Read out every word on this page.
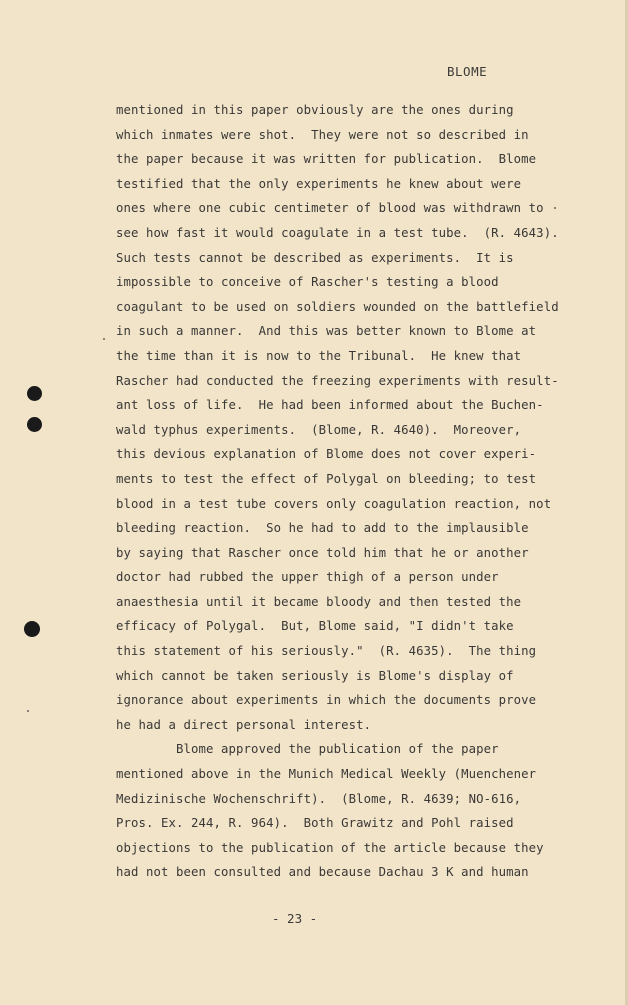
BLOME
mentioned in this paper obviously are the ones during
which inmates were shot.  They were not so described in
the paper because it was written for publication.  Blome
testified that the only experiments he knew about were
ones where one cubic centimeter of blood was withdrawn to
see how fast it would coagulate in a test tube.  (R. 4643).
Such tests cannot be described as experiments.  It is
impossible to conceive of Rascher's testing a blood
coagulant to be used on soldiers wounded on the battlefield
in such a manner.  And this was better known to Blome at
the time than it is now to the Tribunal.  He knew that
Rascher had conducted the freezing experiments with result-
ant loss of life.  He had been informed about the Buchen-
wald typhus experiments.  (Blome, R. 4640).  Moreover,
this devious explanation of Blome does not cover experi-
ments to test the effect of Polygal on bleeding; to test
blood in a test tube covers only coagulation reaction, not
bleeding reaction.  So he had to add to the implausible
by saying that Rascher once told him that he or another
doctor had rubbed the upper thigh of a person under
anaesthesia until it became bloody and then tested the
efficacy of Polygal.  But, Blome said, "I didn't take
this statement of his seriously."  (R. 4635).  The thing
which cannot be taken seriously is Blome's display of
ignorance about experiments in which the documents prove
he had a direct personal interest.
Blome approved the publication of the paper
mentioned above in the Munich Medical Weekly (Muenchener
Medizinische Wochenschrift).  (Blome, R. 4639; NO-616,
Pros. Ex. 244, R. 964).  Both Grawitz and Pohl raised
objections to the publication of the article because they
had not been consulted and because Dachau 3 K and human
- 23 -
